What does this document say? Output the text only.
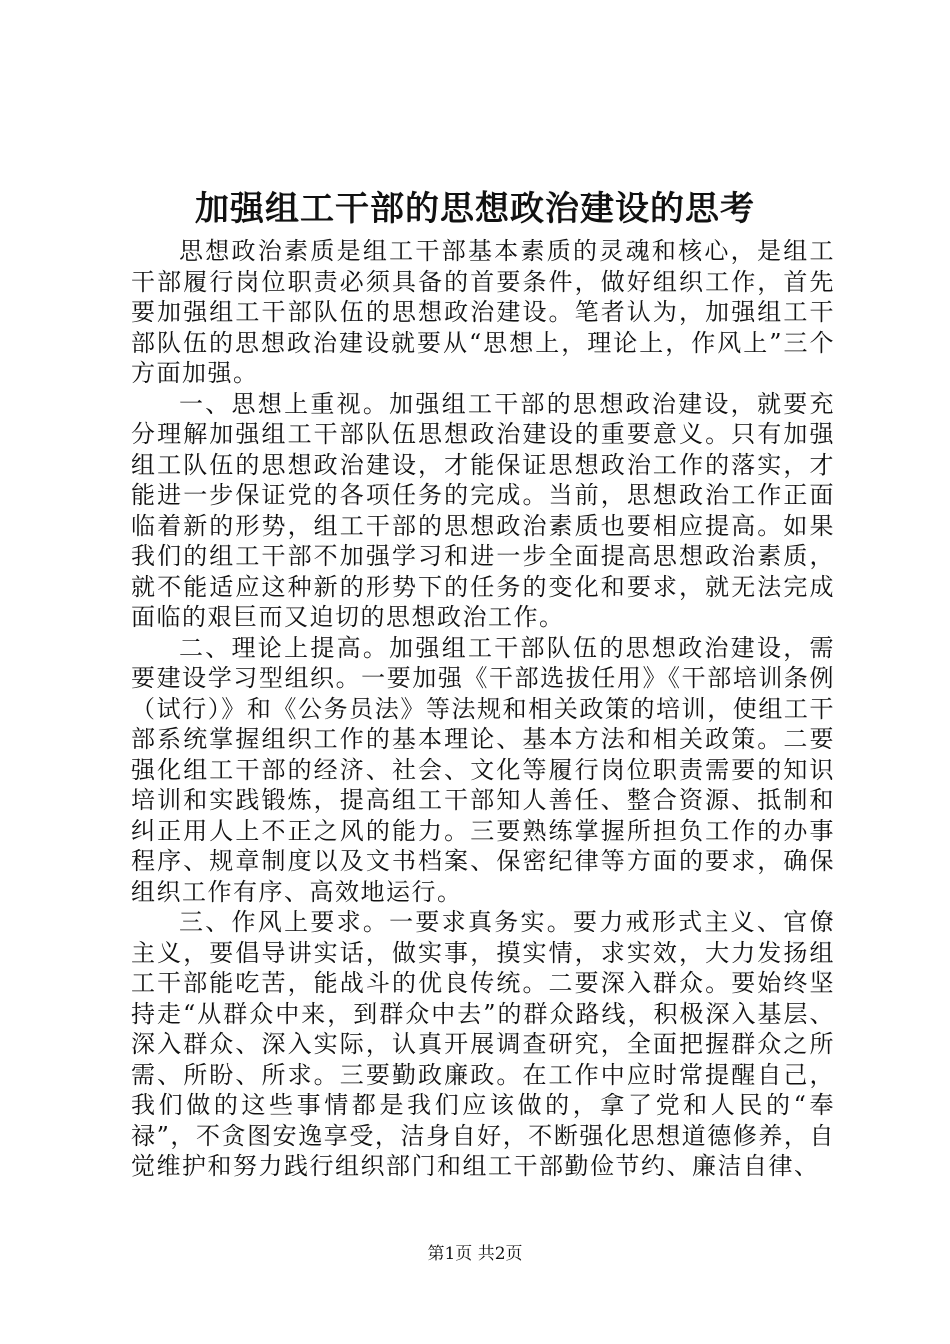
加强组工干部的思想政治建设的思考

思想政治素质是组工干部基本素质的灵魂和核心，是组工干部履行岗位职责必须具备的首要条件，做好组织工作，首先要加强组工干部队伍的思想政治建设。笔者认为，加强组工干部队伍的思想政治建设就要从“思想上，理论上，作风上”三个方面加强。

一、思想上重视。加强组工干部的思想政治建设，就要充分理解加强组工干部队伍思想政治建设的重要意义。只有加强组工队伍的思想政治建设，才能保证思想政治工作的落实，才能进一步保证党的各项任务的完成。当前，思想政治工作正面临着新的形势，组工干部的思想政治素质也要相应提高。如果我们的组工干部不加强学习和进一步全面提高思想政治素质，就不能适应这种新的形势下的任务的变化和要求，就无法完成面临的艰巨而又迫切的思想政治工作。

二、理论上提高。加强组工干部队伍的思想政治建设，需要建设学习型组织。一要加强《干部选拔任用》《干部培训条例（试行）》和《公务员法》等法规和相关政策的培训，使组工干部系统掌握组织工作的基本理论、基本方法和相关政策。二要强化组工干部的经济、社会、文化等履行岗位职责需要的知识培训和实践锻炼，提高组工干部知人善任、整合资源、抵制和纠正用人上不正之风的能力。三要熟练掌握所担负工作的办事程序、规章制度以及文书档案、保密纪律等方面的要求，确保组织工作有序、高效地运行。

三、作风上要求。一要求真务实。要力戒形式主义、官僚主义，要倡导讲实话，做实事，摸实情，求实效，大力发扬组工干部能吃苦，能战斗的优良传统。二要深入群众。要始终坚持走“从群众中来，到群众中去”的群众路线，积极深入基层、深入群众、深入实际，认真开展调查研究，全面把握群众之所需、所盼、所求。三要勤政廉政。在工作中应时常提醒自己，我们做的这些事情都是我们应该做的，拿了党和人民的“奉禄”，不贪图安逸享受，洁身自好，不断强化思想道德修养，自觉维护和努力践行组织部门和组工干部勤俭节约、廉洁自律、

第1页 共2页
